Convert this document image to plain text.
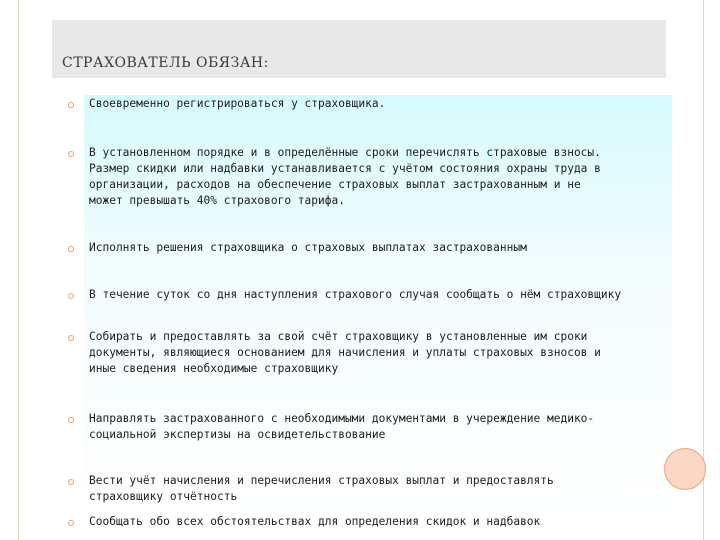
СТРАХОВАТЕЛЬ ОБЯЗАН:
Своевременно регистрироваться у страховщика.
В установленном порядке и в определённые сроки перечислять страховые взносы.
Размер скидки или надбавки устанавливается с учётом состояния охраны труда в
организации, расходов на обеспечение страховых выплат застрахованным и не
может превышать 40% страхового тарифа.
Исполнять решения страховщика о страховых выплатах застрахованным
В течение суток со дня наступления страхового случая сообщать о нём страховщику
Собирать и предоставлять за свой счёт страховщику в установленные им сроки
документы, являющиеся основанием для начисления и уплаты страховых взносов и
иные сведения необходимые страховщику
Направлять застрахованного с необходимыми документами в учереждение медико-
социальной экспертизы на освидетельствование
Вести учёт начисления и перечисления страховых выплат и предоставлять
страховщику отчётность
Сообщать обо всех обстоятельствах для определения скидок и надбавок
